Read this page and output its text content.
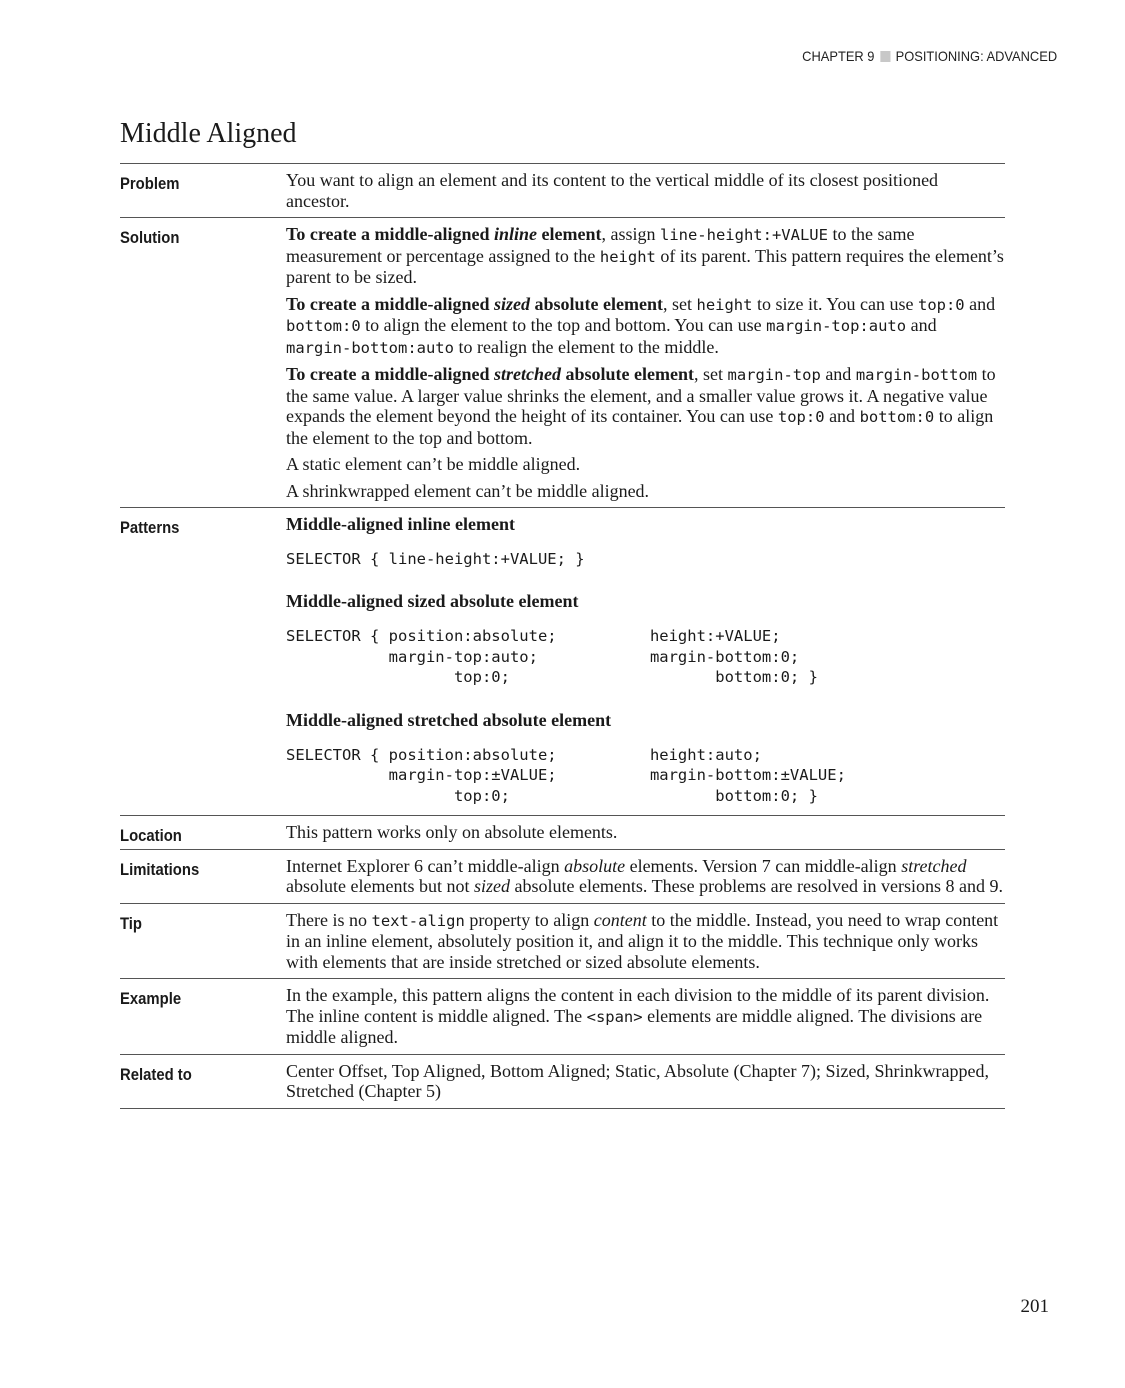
CHAPTER 9 POSITIONING: ADVANCED
Middle Aligned
Problem	You want to align an element and its content to the vertical middle of its closest positioned ancestor.

Solution	To create a middle-aligned inline element, assign line-height:+VALUE to the same measurement or percentage assigned to the height of its parent. This pattern requires the element’s parent to be sized.

To create a middle-aligned sized absolute element, set height to size it. You can use top:0 and bottom:0 to align the element to the top and bottom. You can use margin-top:auto and margin-bottom:auto to realign the element to the middle.

To create a middle-aligned stretched absolute element, set margin-top and margin-bottom to the same value. A larger value shrinks the element, and a smaller value grows it. A negative value expands the element beyond the height of its container. You can use top:0 and bottom:0 to align the element to the top and bottom.

A static element can’t be middle aligned.

A shrinkwrapped element can’t be middle aligned.

Patterns	Middle-aligned inline element

SELECTOR { line-height:+VALUE; }

Middle-aligned sized absolute element

SELECTOR { position:absolute;          height:+VALUE;
margin-top:auto;            margin-bottom:0;
top:0;                      bottom:0; }

Middle-aligned stretched absolute element

SELECTOR { position:absolute;          height:auto;
margin-top:±VALUE;          margin-bottom:±VALUE;
top:0;                      bottom:0; }
Location	This pattern works only on absolute elements.

Limitations	Internet Explorer 6 can’t middle-align absolute elements. Version 7 can middle-align stretched absolute elements but not sized absolute elements. These problems are resolved in versions 8 and 9.

Tip	There is no text-align property to align content to the middle. Instead, you need to wrap content in an inline element, absolutely position it, and align it to the middle. This technique only works with elements that are inside stretched or sized absolute elements.

Example	In the example, this pattern aligns the content in each division to the middle of its parent division. The inline content is middle aligned. The <span> elements are middle aligned. The divisions are middle aligned.

Related to	Center Offset, Top Aligned, Bottom Aligned; Static, Absolute (Chapter 7); Sized, Shrinkwrapped, Stretched (Chapter 5)

201
